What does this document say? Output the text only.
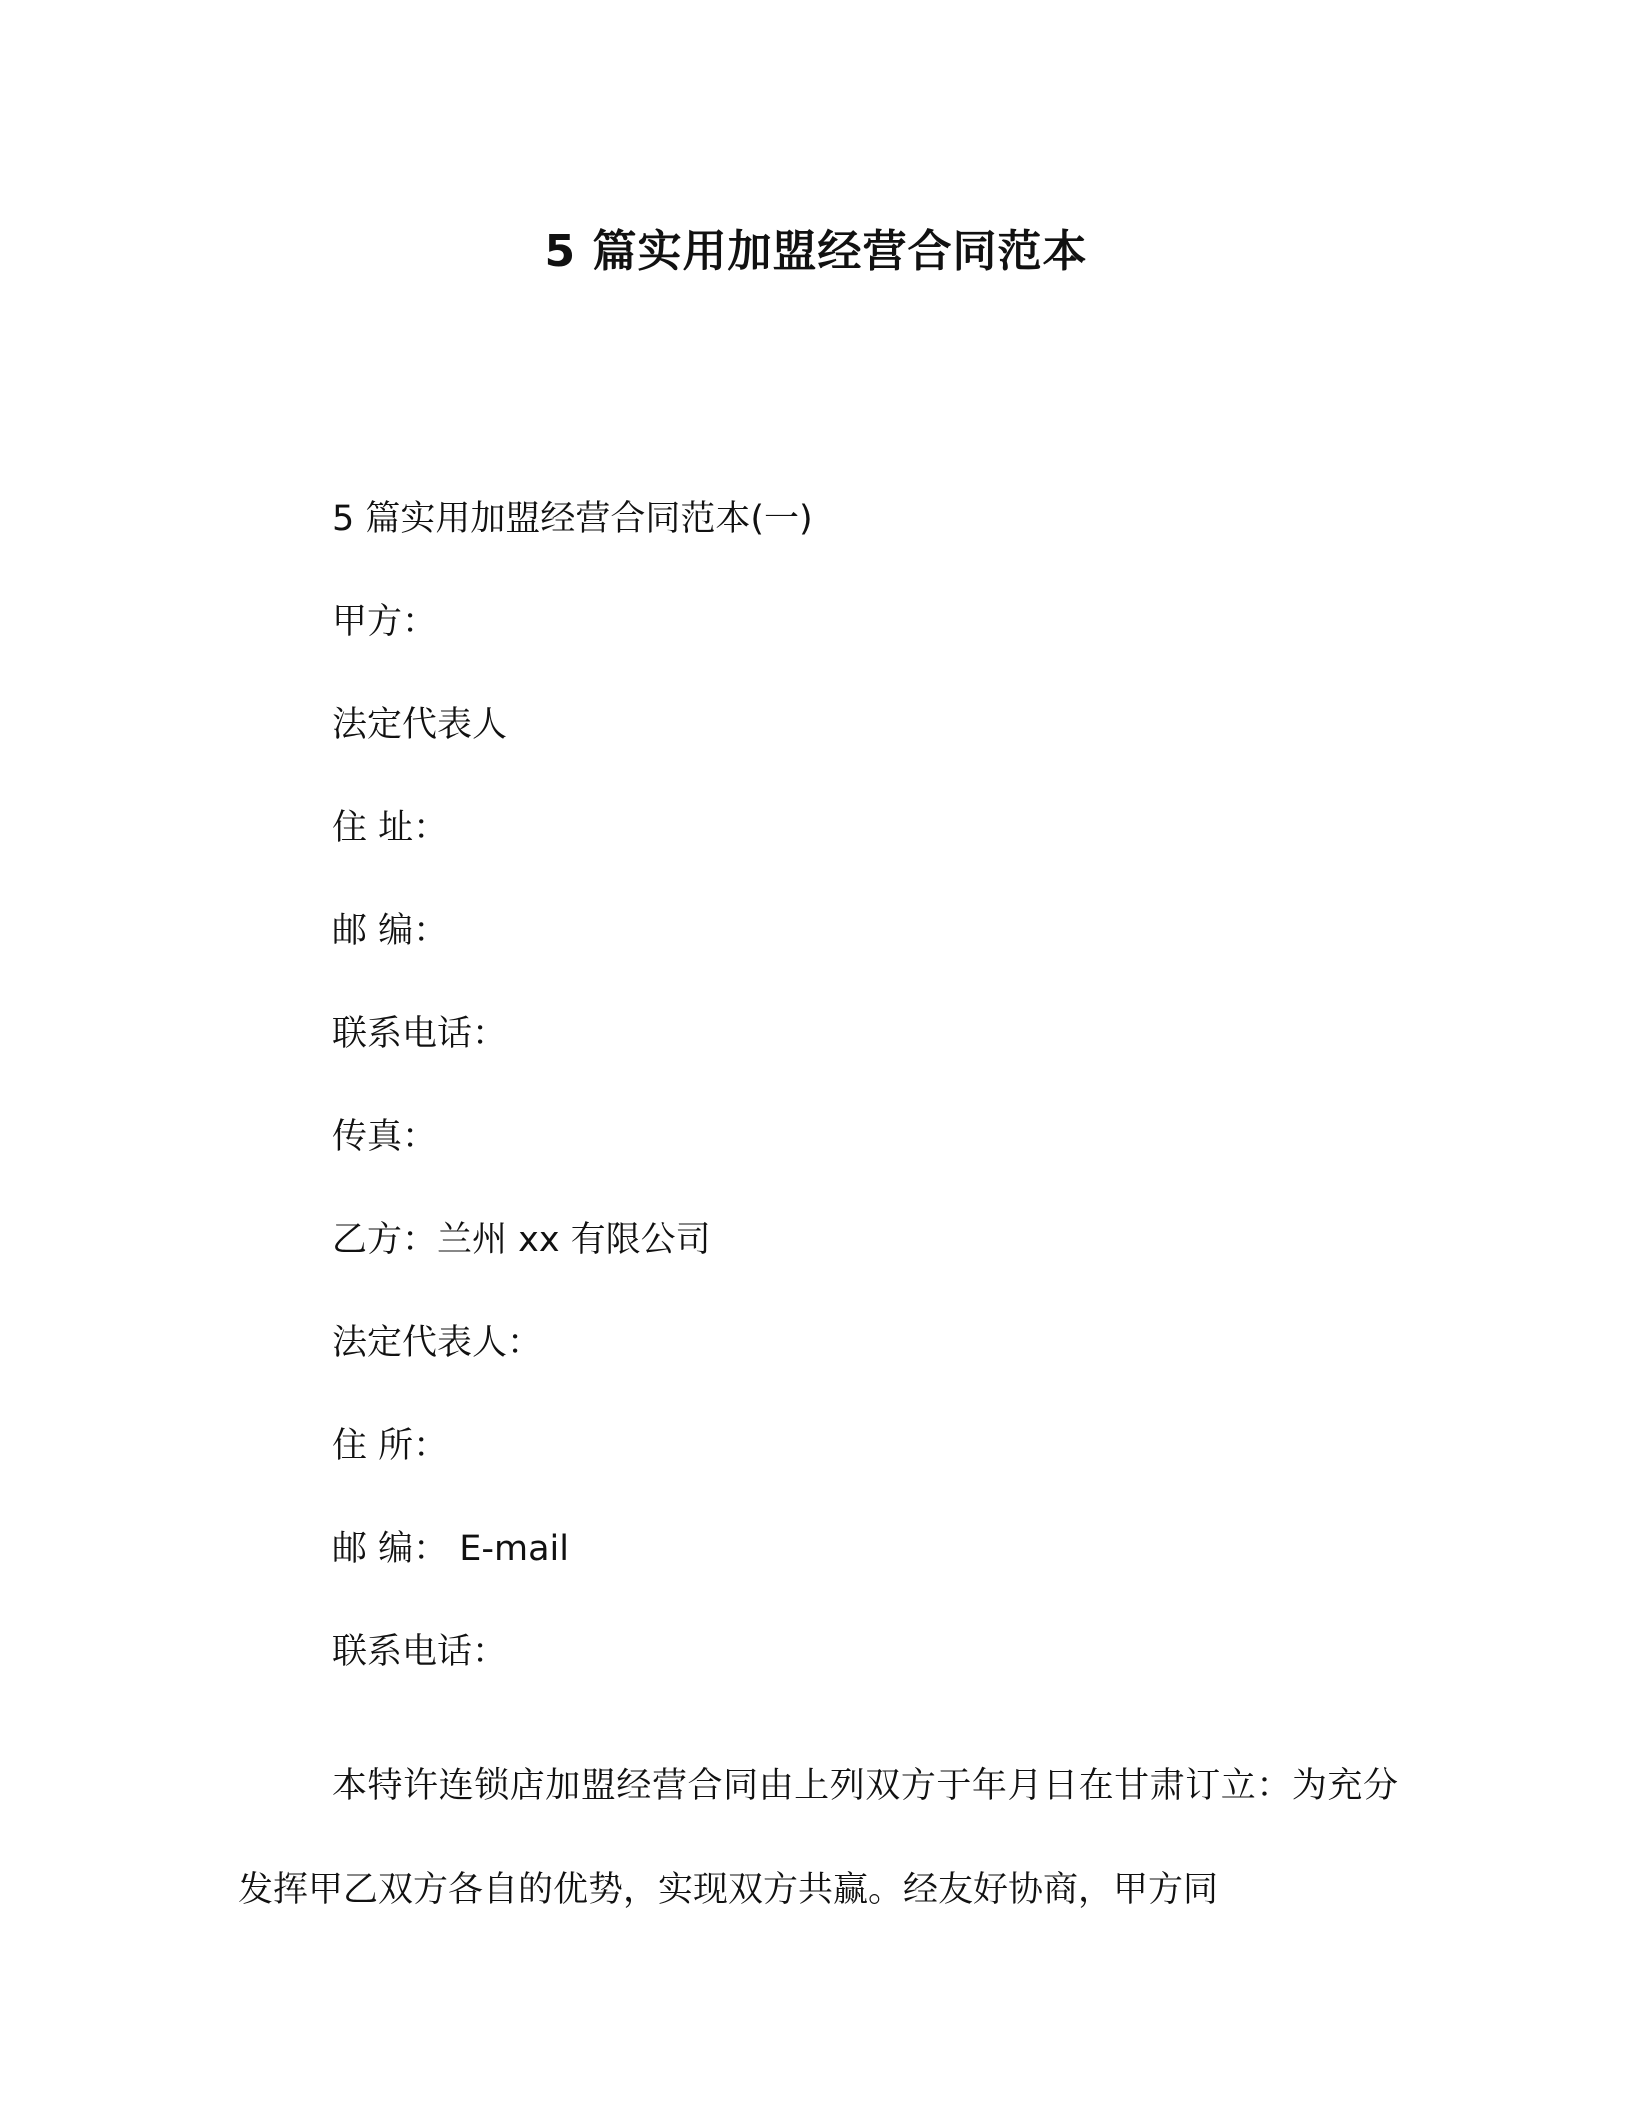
5 篇实用加盟经营合同范本
5 篇实用加盟经营合同范本(一)
甲方：
法定代表人
住 址：
邮 编：
联系电话：
传真：
乙方：兰州 xx 有限公司
法定代表人：
住 所：
邮 编： E-mail
联系电话：
本特许连锁店加盟经营合同由上列双方于年月日在甘肃订立：为充分发挥甲乙双方各自的优势，实现双方共赢。经友好协商，甲方同
